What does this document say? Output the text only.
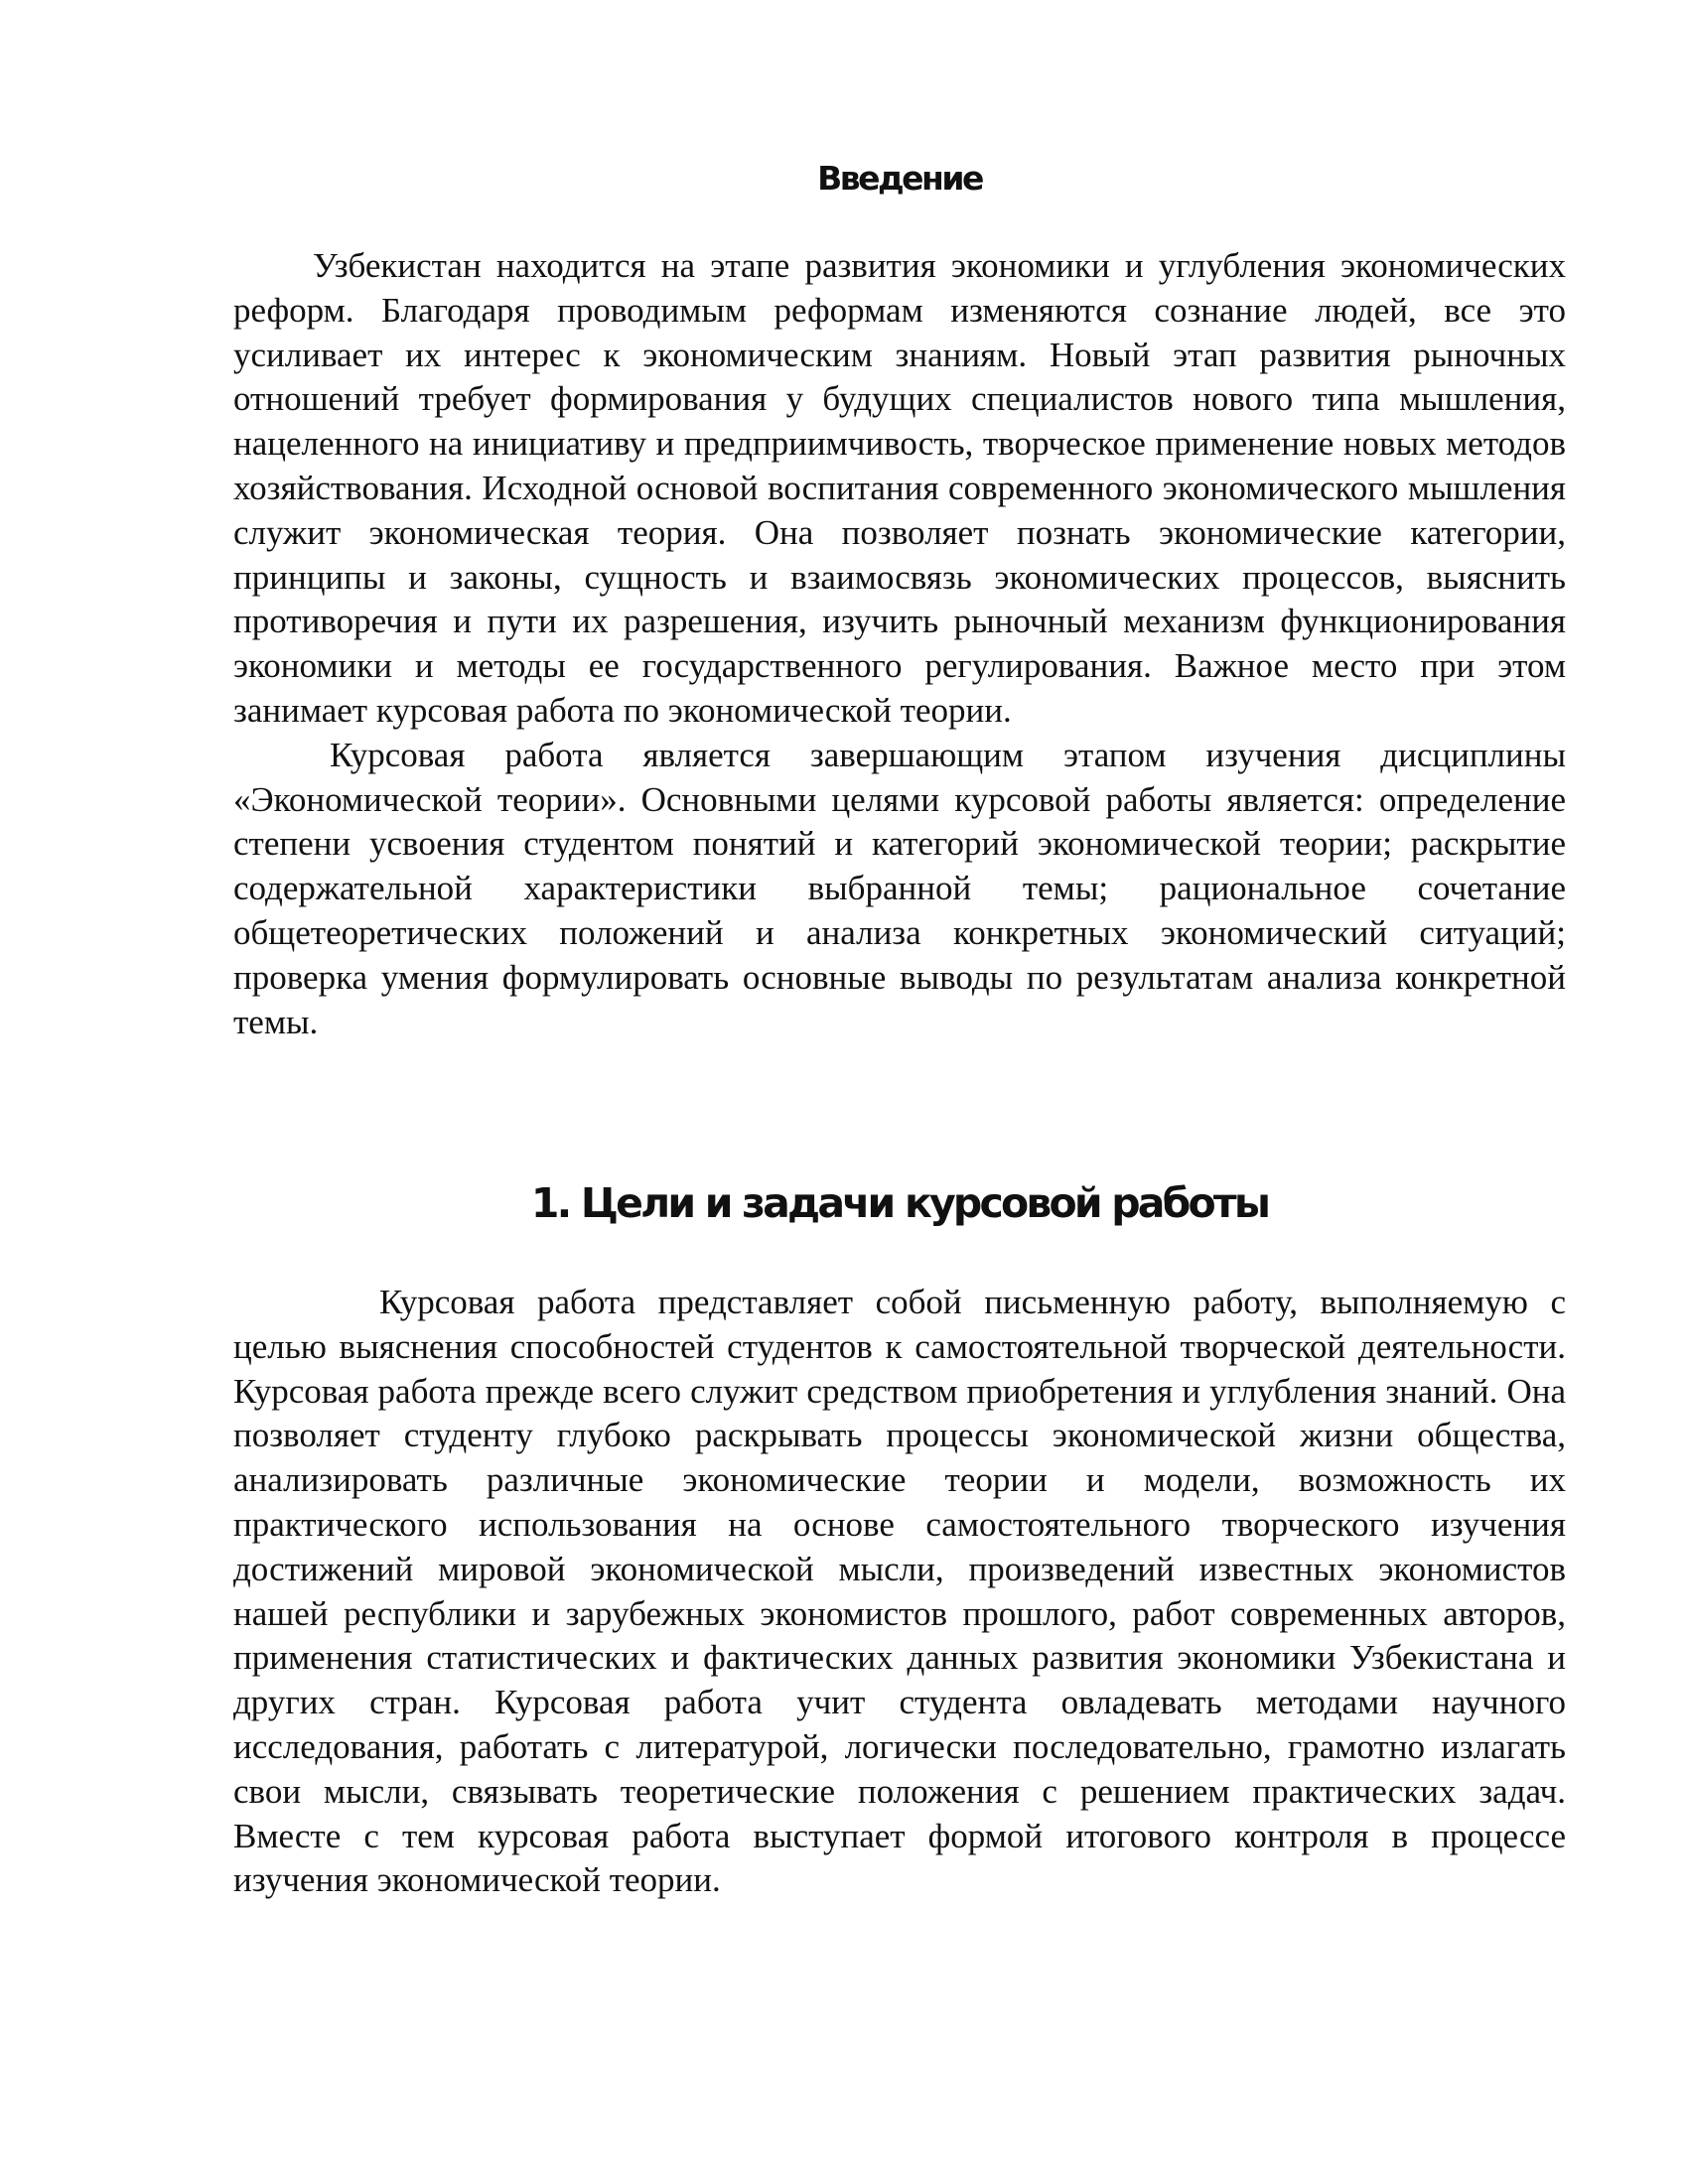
Введение

Узбекистан находится на этапе развития экономики и углубления экономических реформ. Благодаря проводимым реформам изменяются сознание людей, все это усиливает их интерес к экономическим знаниям. Новый этап развития рыночных отношений требует формирования у будущих специалистов нового типа мышления, нацеленного на инициативу и предприимчивость, творческое применение новых методов хозяйствования. Исходной основой воспитания современного экономического мышления служит экономическая теория. Она позволяет познать экономические категории, принципы и законы, сущность и взаимосвязь экономических процессов, выяснить противоречия и пути их разрешения, изучить рыночный механизм функционирования экономики и методы ее государственного регулирования. Важное место при этом занимает курсовая работа по экономической теории.

Курсовая работа является завершающим этапом изучения дисциплины «Экономической теории». Основными целями курсовой работы является: определение степени усвоения студентом понятий и категорий экономической теории; раскрытие содержательной характеристики выбранной темы; рациональное сочетание общетеоретических положений и анализа конкретных экономический ситуаций; проверка умения формулировать основные выводы по результатам анализа конкретной темы.

1. Цели и задачи курсовой работы

Курсовая работа представляет собой письменную работу, выполняемую с целью выяснения способностей студентов к самостоятельной творческой деятельности. Курсовая работа прежде всего служит средством приобретения и углубления знаний. Она позволяет студенту глубоко раскрывать процессы экономической жизни общества, анализировать различные экономические теории и модели, возможность их практического использования на основе самостоятельного творческого изучения достижений мировой экономической мысли, произведений известных экономистов нашей республики и зарубежных экономистов прошлого, работ современных авторов, применения статистических и фактических данных развития экономики Узбекистана и других стран. Курсовая работа учит студента овладевать методами научного исследования, работать с литературой, логически последовательно, грамотно излагать свои мысли, связывать теоретические положения с решением практических задач. Вместе с тем курсовая работа выступает формой итогового контроля в процессе изучения экономической теории.
